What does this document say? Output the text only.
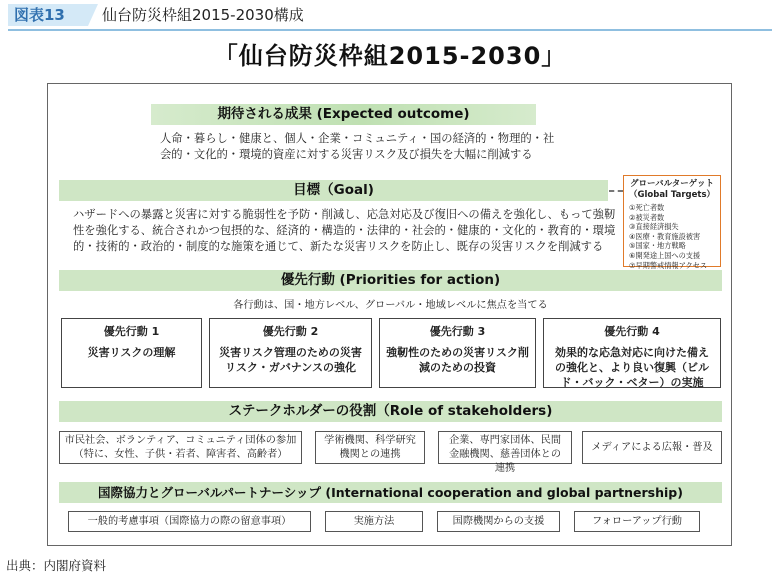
図表13	仙台防災枠組2015-2030構成
「仙台防災枠組2015-2030」
期待される成果 (Expected outcome)
人命・暮らし・健康と、個人・企業・コミュニティ・国の経済的・物理的・社
会的・文化的・環境的資産に対する災害リスク及び損失を大幅に削減する
目標（Goal)
ハザードへの暴露と災害に対する脆弱性を予防・削減し、応急対応及び復旧への備えを強化し、もって強靭
性を強化する、統合されかつ包摂的な、経済的・構造的・法律的・社会的・健康的・文化的・教育的・環境
的・技術的・政治的・制度的な施策を通じて、新たな災害リスクを防止し、既存の災害リスクを削減する
グローバルターゲット
（Global Targets）
①死亡者数
②被災者数
③直接経済損失
④医療・教育施設被害
⑤国家・地方戦略
⑥開発途上国への支援
⑦早期警戒情報アクセス
優先行動 (Priorities for action)
各行動は、国・地方レベル、グローバル・地域レベルに焦点を当てる
優先行動 1
災害リスクの理解
優先行動 2
災害リスク管理のための災害リスク・ガバナンスの強化
優先行動 3
強靭性のための災害リスク削減のための投資
優先行動 4
効果的な応急対応に向けた備えの強化と、より良い復興（ビルド・バック・ベター）の実施
ステークホルダーの役割（Role of stakeholders)
市民社会、ボランティア、コミュニティ団体の参加（特に、女性、子供・若者、障害者、高齢者）
学術機関、科学研究機関との連携
企業、専門家団体、民間金融機関、慈善団体との連携
メディアによる広報・普及
国際協力とグローバルパートナーシップ (International cooperation and global partnership)
一般的考慮事項（国際協力の際の留意事項）	実施方法	国際機関からの支援	フォローアップ行動
出典：内閣府資料
